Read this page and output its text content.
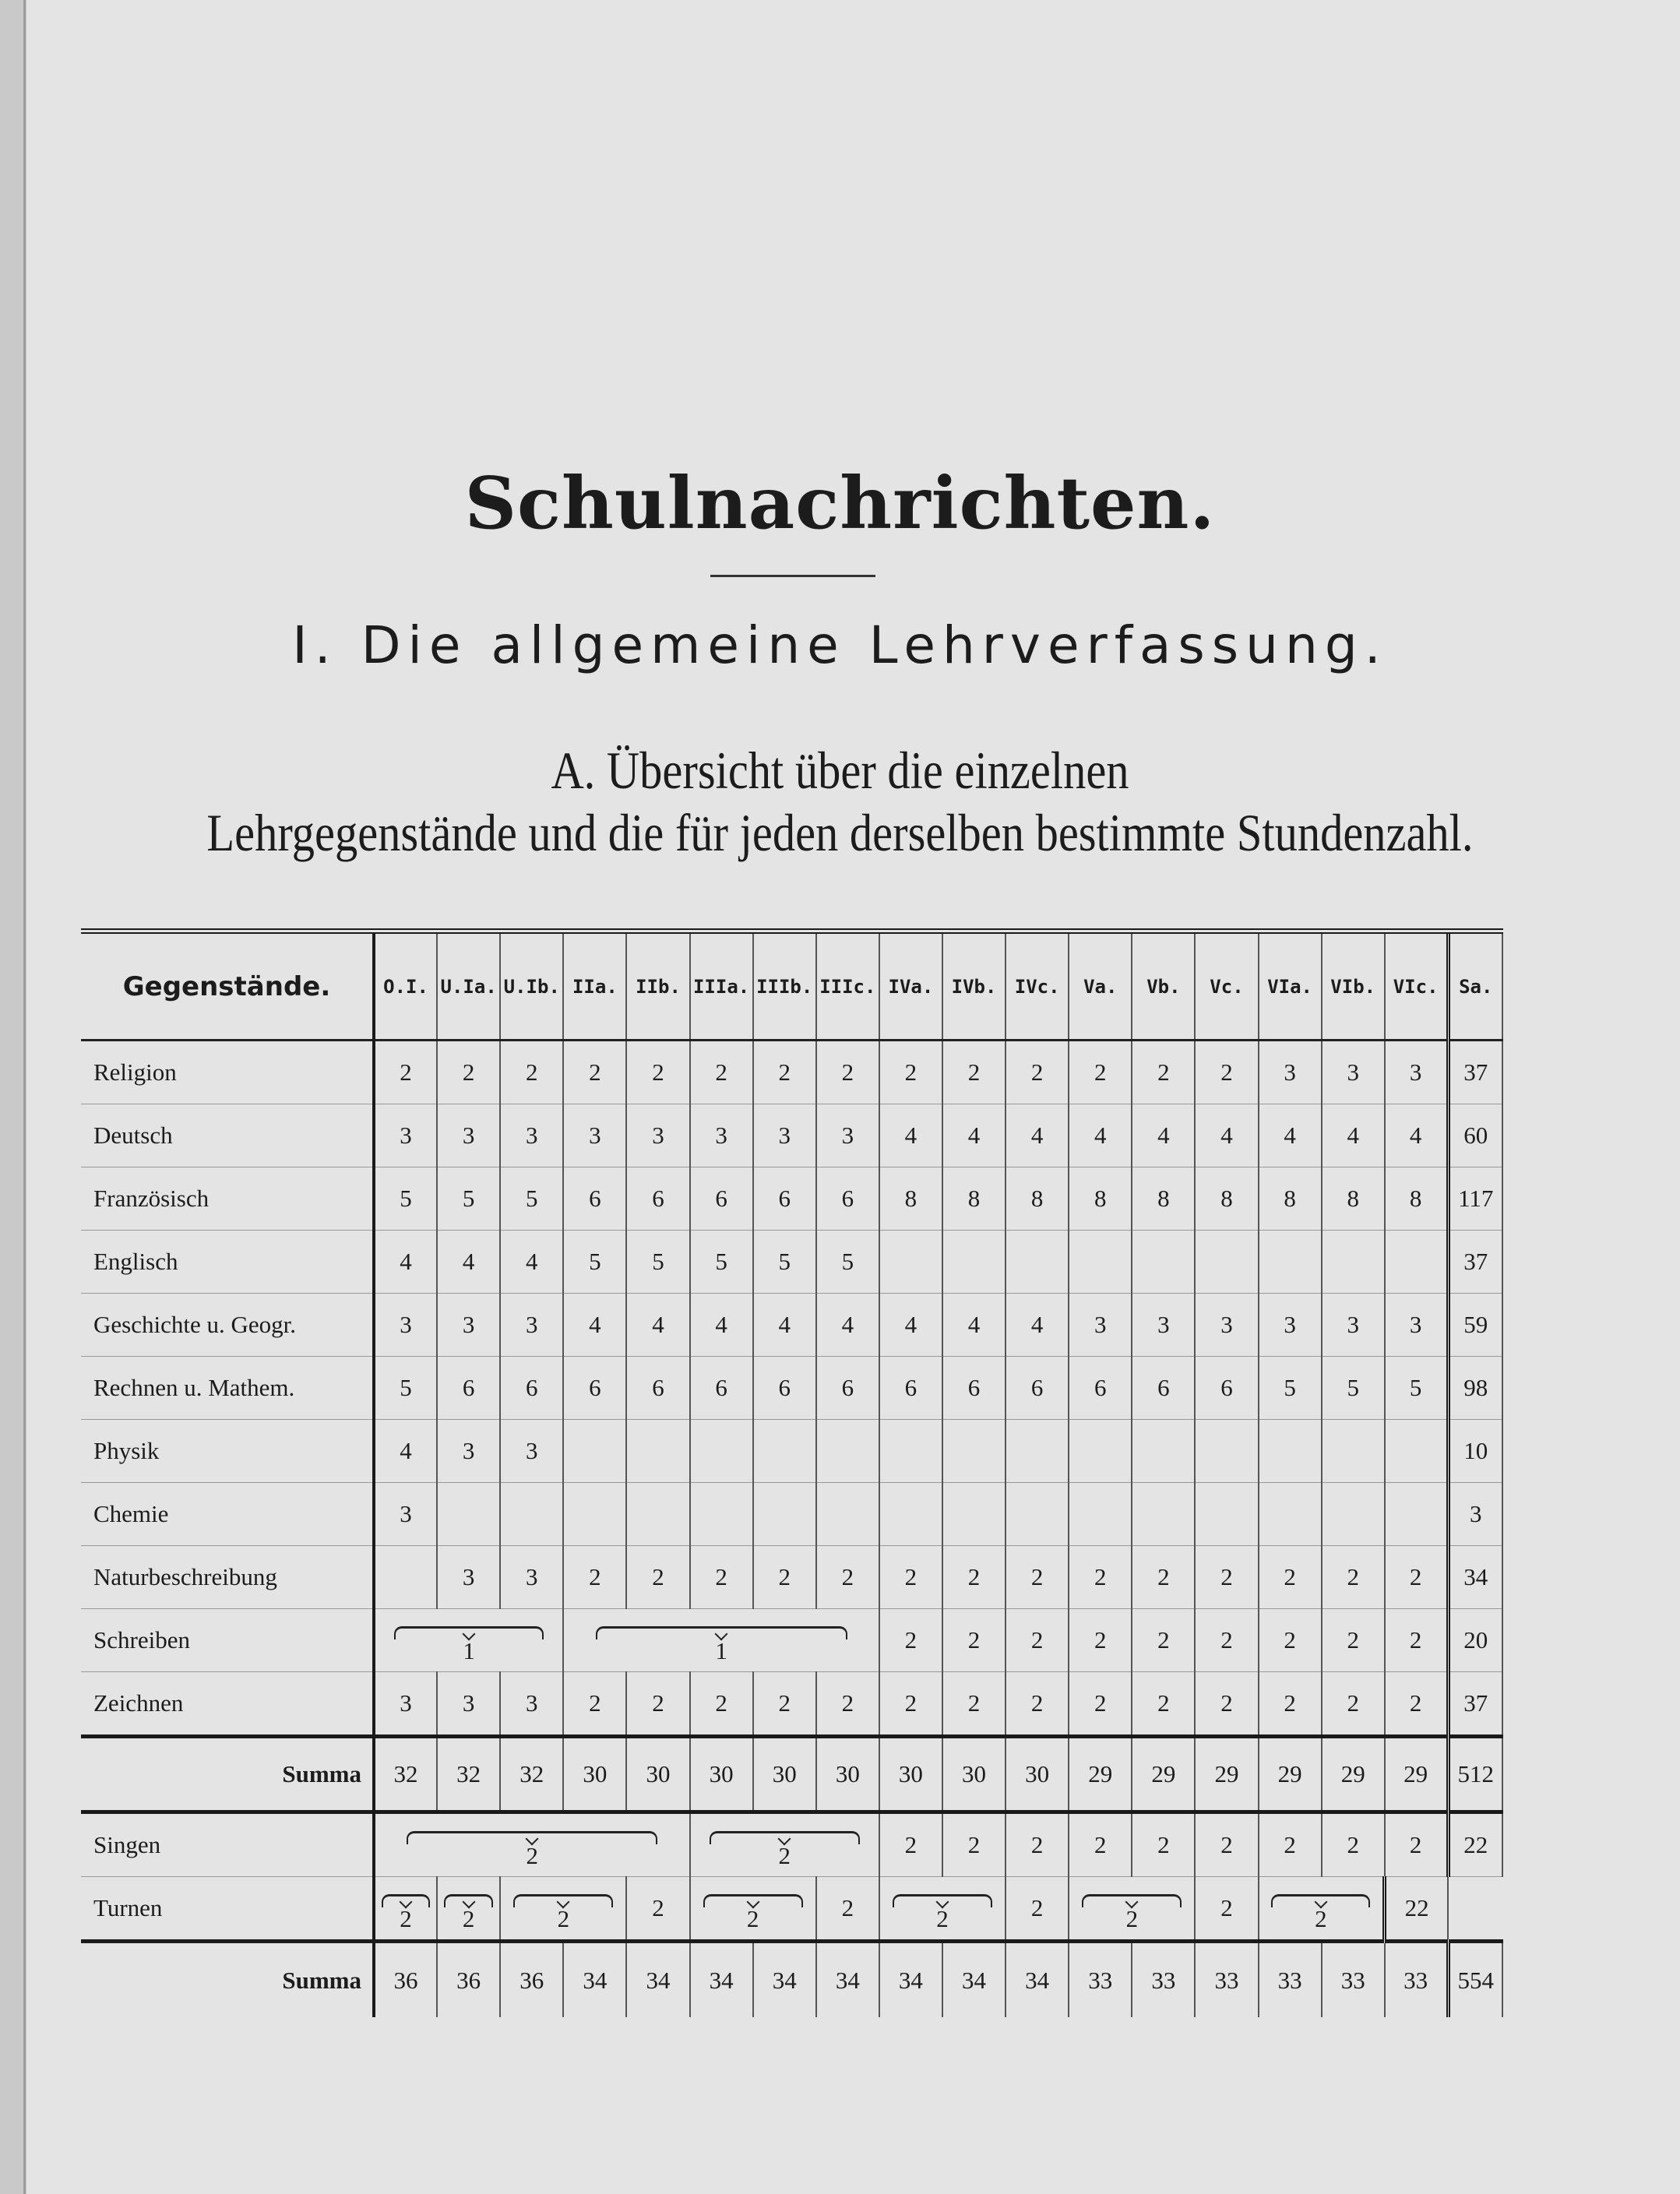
Schulnachrichten.
I. Die allgemeine Lehrverfassung.
A. Übersicht über die einzelnen
Lehrgegenstände und die für jeden derselben bestimmte Stundenzahl.
Gegenstände.	O.I.	U.Ia.	U.Ib.	IIa.	IIb.	IIIa.	IIIb.	IIIc.	IVa.	IVb.	IVc.	Va.	Vb.	Vc.	VIa.	VIb.	VIc.	Sa.
Religion	2	2	2	2	2	2	2	2	2	2	2	2	2	2	3	3	3	37
Deutsch	3	3	3	3	3	3	3	3	4	4	4	4	4	4	4	4	4	60
Französisch	5	5	5	6	6	6	6	6	8	8	8	8	8	8	8	8	8	117
Englisch	4	4	4	5	5	5	5	5										37
Geschichte u. Geogr.	3	3	3	4	4	4	4	4	4	4	4	3	3	3	3	3	3	59
Rechnen u. Mathem.	5	6	6	6	6	6	6	6	6	6	6	6	6	6	5	5	5	98
Physik	4	3	3															10
Chemie	3																	3
Naturbeschreibung		3	3	2	2	2	2	2	2	2	2	2	2	2	2	2	2	34
Schreiben	1			1					2	2	2	2	2	2	2	2	2	20
Zeichnen	3	3	3	2	2	2	2	2	2	2	2	2	2	2	2	2	2	37
Summa	32	32	32	30	30	30	30	30	30	30	30	29	29	29	29	29	29	512
Singen	2					2			2	2	2	2	2	2	2	2	2	22
Turnen	2	2	2		2	2		2	2		2	2		2	2		22	
Summa	36	36	36	34	34	34	34	34	34	34	34	33	33	33	33	33	33	554
